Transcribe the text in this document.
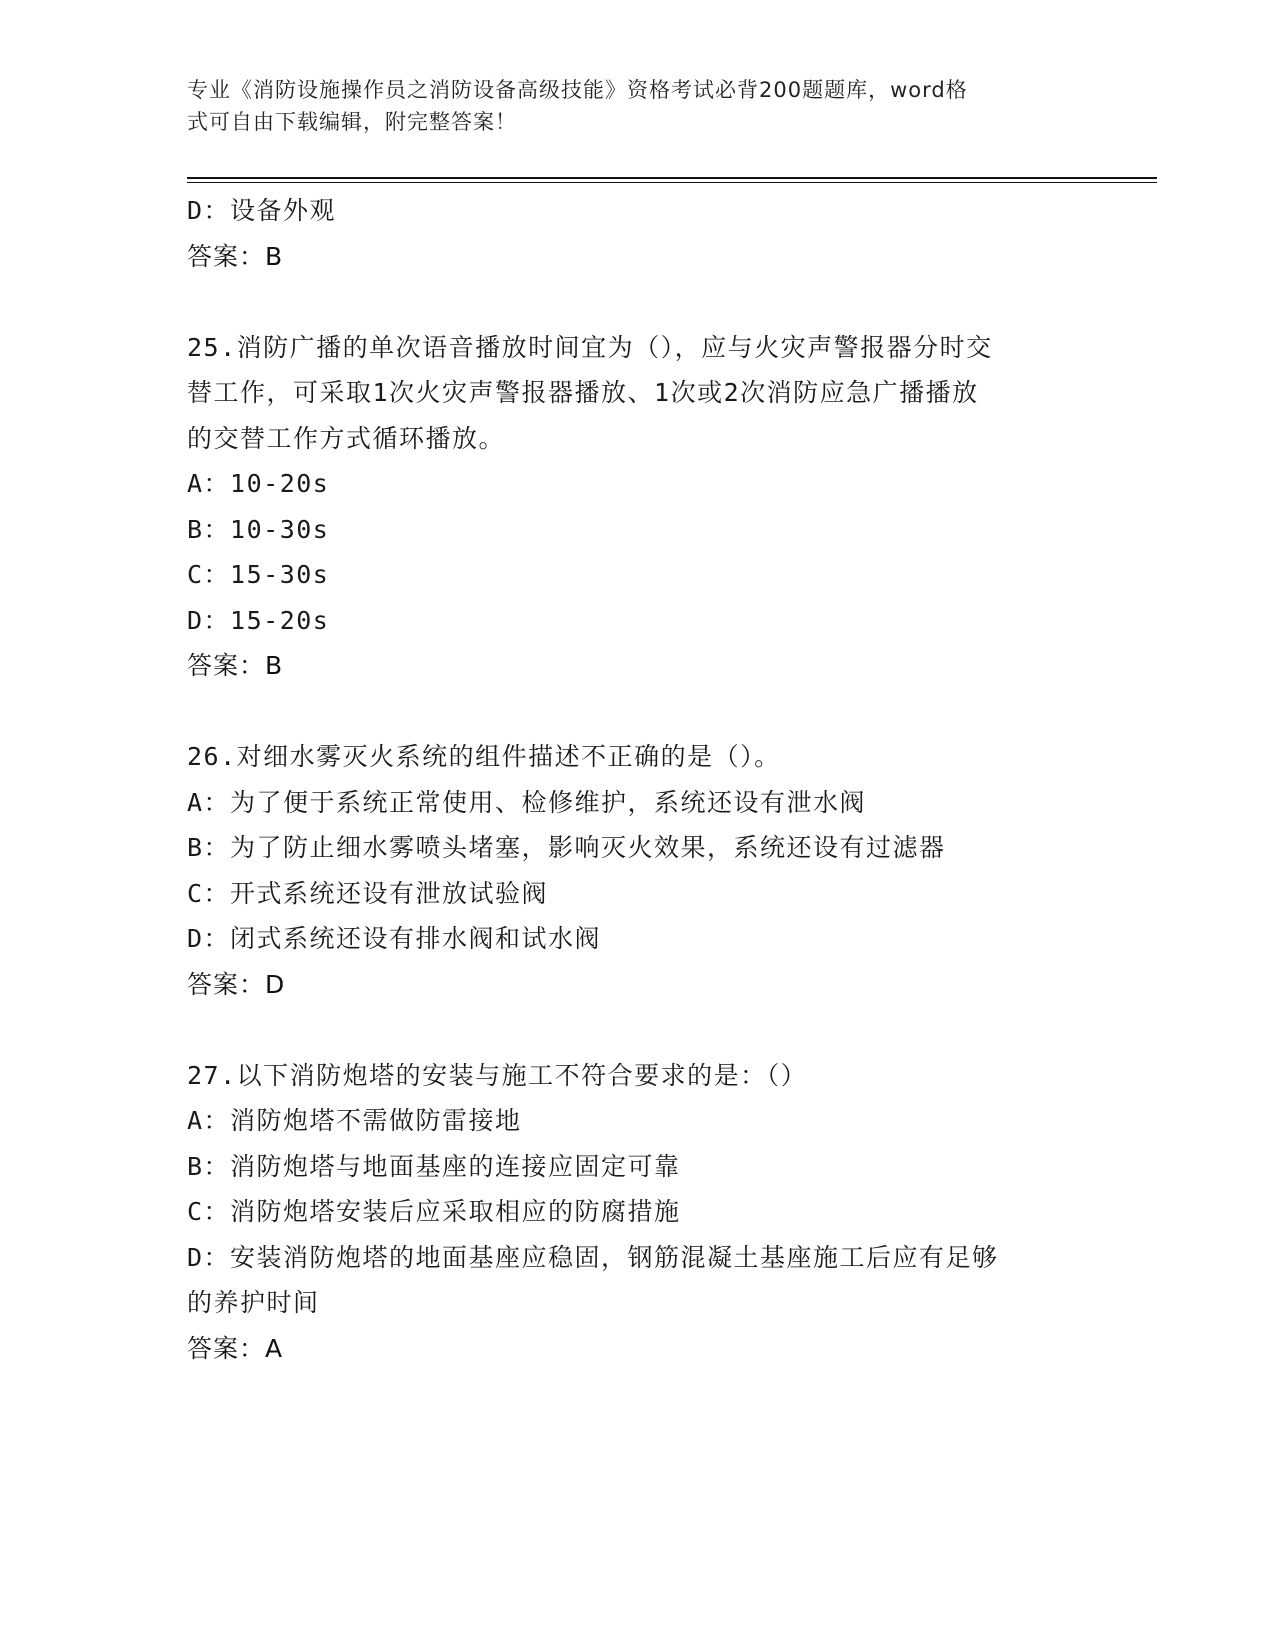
专业《消防设施操作员之消防设备高级技能》资格考试必背200题题库，word格
式可自由下载编辑，附完整答案！
D：设备外观
答案：B
25.消防广播的单次语音播放时间宜为（），应与火灾声警报器分时交
替工作，可采取1次火灾声警报器播放、1次或2次消防应急广播播放
的交替工作方式循环播放。
A：10-20s
B：10-30s
C：15-30s
D：15-20s
答案：B
26.对细水雾灭火系统的组件描述不正确的是（）。
A：为了便于系统正常使用、检修维护，系统还设有泄水阀
B：为了防止细水雾喷头堵塞，影响灭火效果，系统还设有过滤器
C：开式系统还设有泄放试验阀
D：闭式系统还设有排水阀和试水阀
答案：D
27.以下消防炮塔的安装与施工不符合要求的是：（）
A：消防炮塔不需做防雷接地
B：消防炮塔与地面基座的连接应固定可靠
C：消防炮塔安装后应采取相应的防腐措施
D：安装消防炮塔的地面基座应稳固，钢筋混凝土基座施工后应有足够
的养护时间
答案：A
